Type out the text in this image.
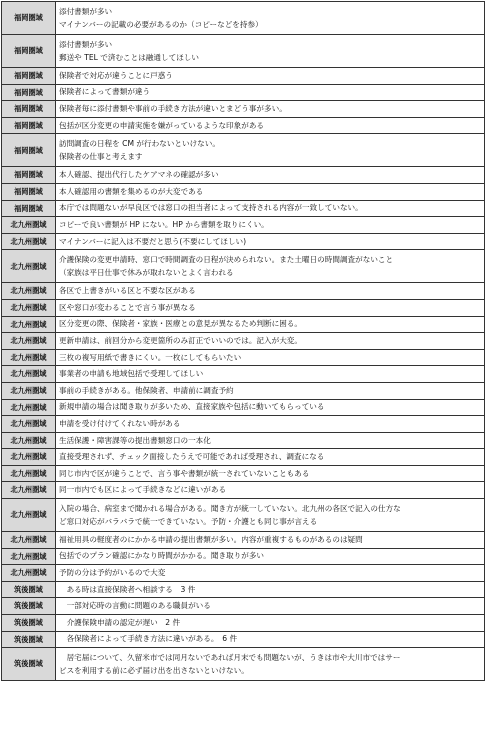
福岡圏域	添付書類が多い
マイナンバーの記載の必要があるのか（コピーなどを持参）

福岡圏域	添付書類が多い
郵送や TEL で済むことは融通してほしい

福岡圏域	保険者で対応が違うことに戸惑う

福岡圏域	保険者によって書類が違う

福岡圏域	保険者毎に添付書類や事前の手続き方法が違いとまどう事が多い。

福岡圏域	包括が区分変更の申請実施を嫌がっているような印象がある

福岡圏域	訪問調査の日程を CM が行わないといけない。
保険者の仕事と考えます

福岡圏域	本人確認、提出代行したケアマネの確認が多い

福岡圏域	本人確認用の書類を集めるのが大変である

福岡圏域	本庁では問題ないが早良区では窓口の担当者によって支持される内容が一致していない。

北九州圏域	コピーで良い書類が HP にない。HP から書類を取りにくい。

北九州圏域	マイナンバーに記入は不要だと思う(不要にしてほしい)

北九州圏域	介護保険の変更申請時、窓口で時間調査の日程が決められない。また土曜日の時間調査がないこと
（家族は平日仕事で休みが取れないとよく言われる

北九州圏域	各区で上書きがいる区と不要な区がある

北九州圏域	区や窓口が変わることで言う事が異なる

北九州圏域	区分変更の際、保険者・家族・医療との意見が異なるため判断に困る。

北九州圏域	更新申請は、前回分から変更箇所のみ訂正でいいのでは。記入が大変。

北九州圏域	三枚の複写用紙で書きにくい。一枚にしてもらいたい

北九州圏域	事業者の申請も地域包括で受理してほしい

北九州圏域	事前の手続きがある。他保険者、申請前に調査予約

北九州圏域	新規申請の場合は聞き取りが多いため、直接家族や包括に動いてもらっている

北九州圏域	申請を受け付けてくれない時がある

北九州圏域	生活保護・障害課等の提出書類窓口の一本化

北九州圏域	直接受理されず、チェック面接したうえで可能であれば受理され、調査になる

北九州圏域	同じ市内で区が違うことで、言う事や書類が統一されていないこともある

北九州圏域	同一市内でも区によって手続きなどに違いがある

北九州圏域	入院の場合、病室まで聞かれる場合がある。聞き方が統一していない。北九州の各区で記入の仕方な
ど窓口対応がバラバラで統一できていない。予防・介護とも同じ事が言える

北九州圏域	福祉用具の軽度者のにかかる申請の提出書類が多い。内容が重複するものがあるのは疑問

北九州圏域	包括でのプラン確認にかなり時間がかかる。聞き取りが多い

北九州圏域	予防の分は予約がいるので大変

筑後圏域	　ある時は直接保険者へ相談する　3 件

筑後圏域	　一部対応時の言動に問題のある職員がいる

筑後圏域	　介護保険申請の認定が遅い　2 件

筑後圏域	　各保険者によって手続き方法に違いがある。　6 件

筑後圏域	　居宅届について、久留米市では同月ないであれば月末でも問題ないが、うきは市や大川市ではサー
ビスを利用する前に必ず届け出を出さないといけない。
